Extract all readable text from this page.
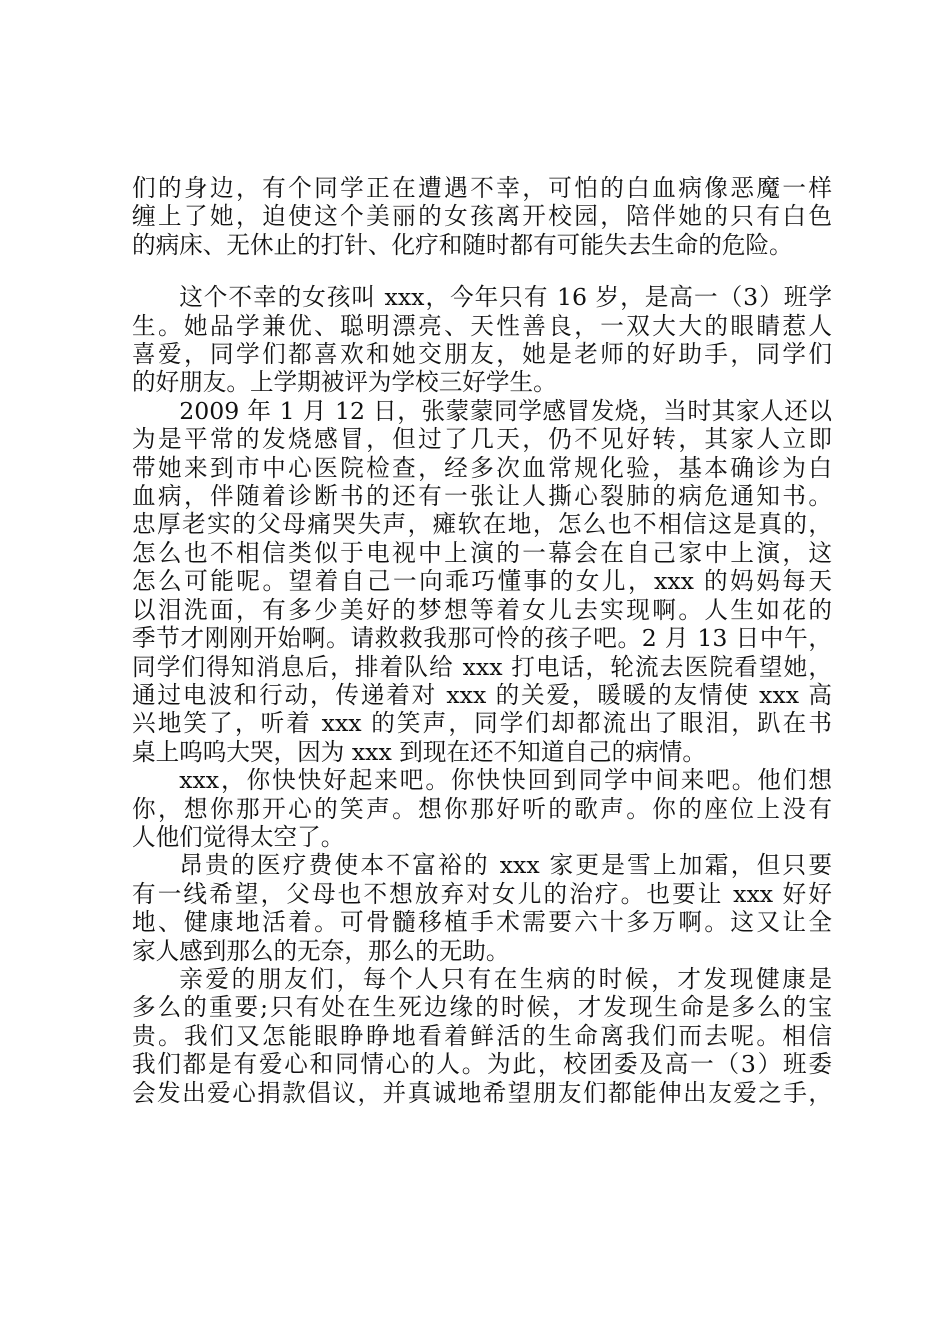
们的身边，有个同学正在遭遇不幸，可怕的白血病像恶魔一样
缠上了她，迫使这个美丽的女孩离开校园，陪伴她的只有白色
的病床、无休止的打针、化疗和随时都有可能失去生命的危险。
这个不幸的女孩叫 xxx，今年只有 16 岁，是高一（3）班学
生。她品学兼优、聪明漂亮、天性善良，一双大大的眼睛惹人
喜爱，同学们都喜欢和她交朋友，她是老师的好助手，同学们
的好朋友。上学期被评为学校三好学生。
2009 年 1 月 12 日，张蒙蒙同学感冒发烧，当时其家人还以
为是平常的发烧感冒，但过了几天，仍不见好转，其家人立即
带她来到市中心医院检查，经多次血常规化验，基本确诊为白
血病，伴随着诊断书的还有一张让人撕心裂肺的病危通知书。
忠厚老实的父母痛哭失声，瘫软在地，怎么也不相信这是真的，
怎么也不相信类似于电视中上演的一幕会在自己家中上演，这
怎么可能呢。望着自己一向乖巧懂事的女儿，xxx 的妈妈每天
以泪洗面，有多少美好的梦想等着女儿去实现啊。人生如花的
季节才刚刚开始啊。请救救我那可怜的孩子吧。2 月 13 日中午，
同学们得知消息后，排着队给 xxx 打电话，轮流去医院看望她，
通过电波和行动，传递着对 xxx 的关爱，暖暖的友情使 xxx 高
兴地笑了，听着 xxx 的笑声，同学们却都流出了眼泪，趴在书
桌上呜呜大哭，因为 xxx 到现在还不知道自己的病情。
xxx，你快快好起来吧。你快快回到同学中间来吧。他们想
你，想你那开心的笑声。想你那好听的歌声。你的座位上没有
人他们觉得太空了。
昂贵的医疗费使本不富裕的 xxx 家更是雪上加霜，但只要
有一线希望，父母也不想放弃对女儿的治疗。也要让 xxx 好好
地、健康地活着。可骨髓移植手术需要六十多万啊。这又让全
家人感到那么的无奈，那么的无助。
亲爱的朋友们，每个人只有在生病的时候，才发现健康是
多么的重要;只有处在生死边缘的时候，才发现生命是多么的宝
贵。我们又怎能眼睁睁地看着鲜活的生命离我们而去呢。相信
我们都是有爱心和同情心的人。为此，校团委及高一（3）班委
会发出爱心捐款倡议，并真诚地希望朋友们都能伸出友爱之手，
